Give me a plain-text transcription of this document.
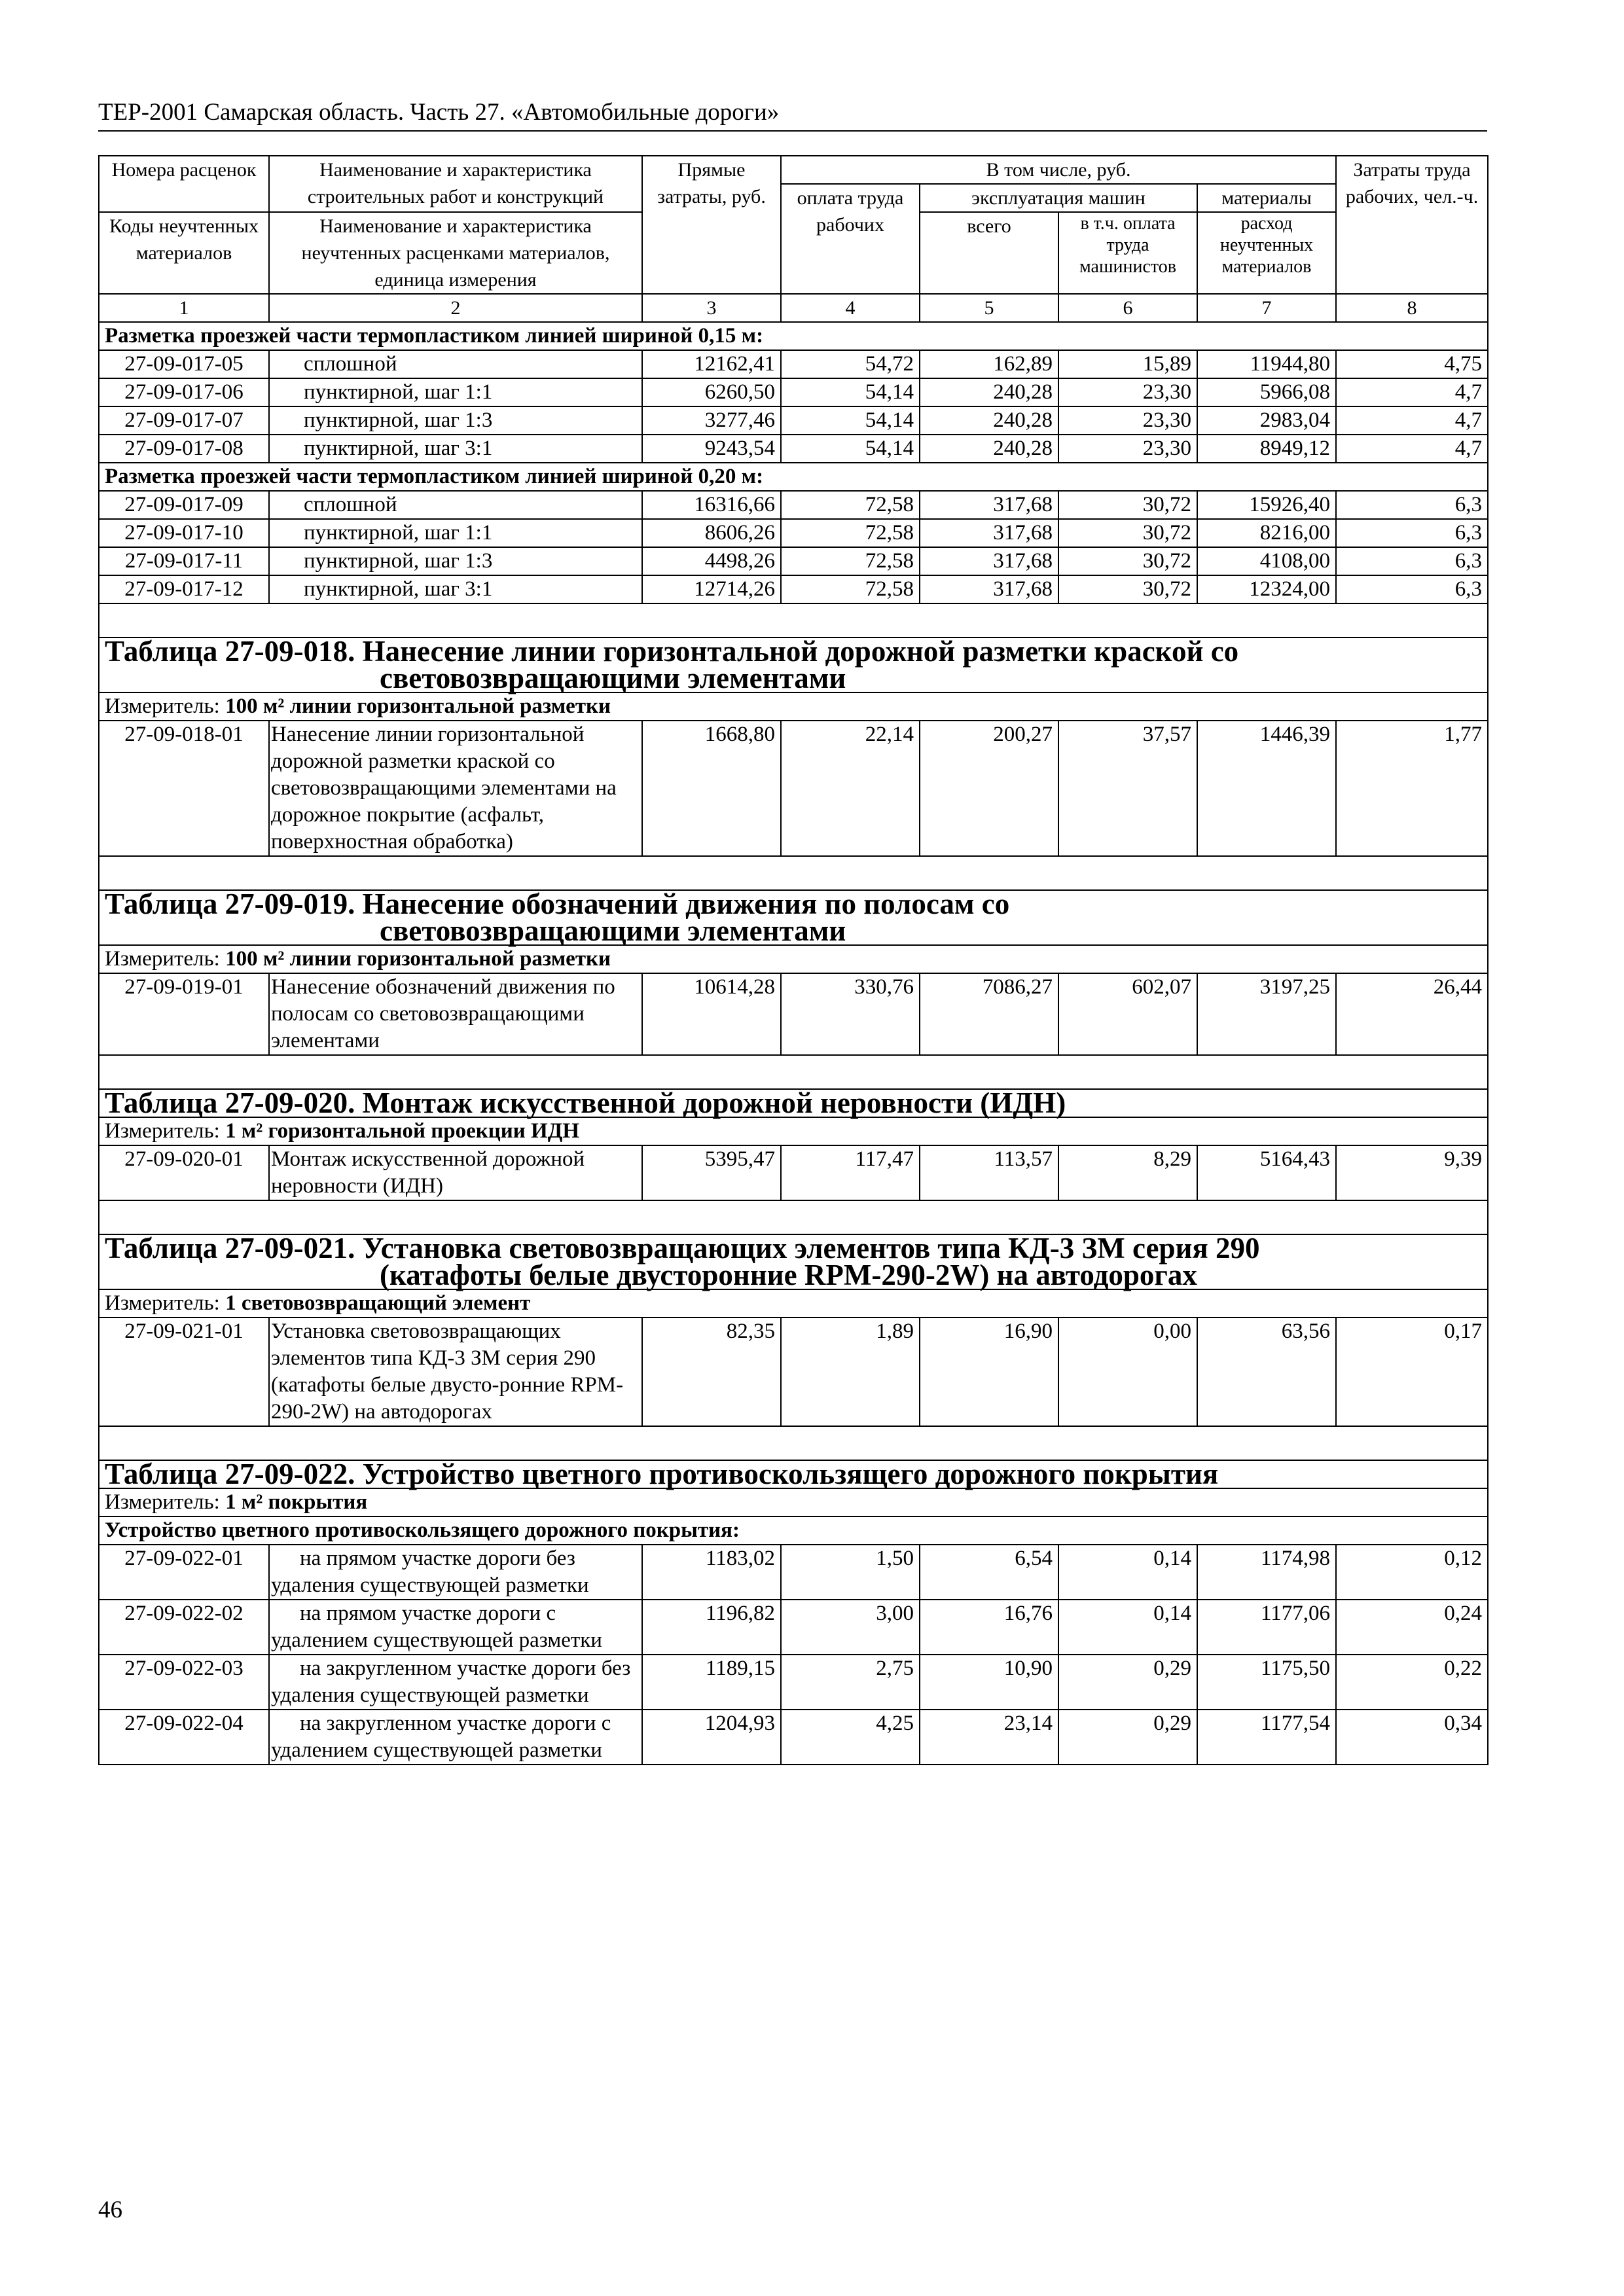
ТЕР-2001 Самарская область. Часть 27. «Автомобильные дороги»
Номера расценок	Наименование и характеристика строительных работ и конструкций	Прямые затраты, руб.	В том числе, руб.				Затраты труда рабочих, чел.-ч.
			оплата труда рабочих	эксплуатация машин		материалы	
Коды неучтенных материалов	Наименование и характеристика неучтенных расценками материалов, единица измерения			всего	в т.ч. оплата труда машинистов	расход неучтенных материалов	
1	2	3	4	5	6	7	8
Разметка проезжей части термопластиком линией шириной 0,15 м:							
27-09-017-05	сплошной	12162,41	54,72	162,89	15,89	11944,80	4,75
27-09-017-06	пунктирной, шаг 1:1	6260,50	54,14	240,28	23,30	5966,08	4,7
27-09-017-07	пунктирной, шаг 1:3	3277,46	54,14	240,28	23,30	2983,04	4,7
27-09-017-08	пунктирной, шаг 3:1	9243,54	54,14	240,28	23,30	8949,12	4,7
Разметка проезжей части термопластиком линией шириной 0,20 м:							
27-09-017-09	сплошной	16316,66	72,58	317,68	30,72	15926,40	6,3
27-09-017-10	пунктирной, шаг 1:1	8606,26	72,58	317,68	30,72	8216,00	6,3
27-09-017-11	пунктирной, шаг 1:3	4498,26	72,58	317,68	30,72	4108,00	6,3
27-09-017-12	пунктирной, шаг 3:1	12714,26	72,58	317,68	30,72	12324,00	6,3

Таблица 27-09-018. Нанесение линии горизонтальной дорожной разметки краской со
световозвращающими элементами							

Измеритель: 100 м² линии горизонтальной разметки							
27-09-018-01	Нанесение линии горизонтальной дорожной разметки краской со световозвращающими элементами на дорожное покрытие (асфальт, поверхностная обработка)	1668,80	22,14	200,27	37,57	1446,39	1,77

Таблица 27-09-019. Нанесение обозначений движения по полосам со
световозвращающими элементами							

Измеритель: 100 м² линии горизонтальной разметки							
27-09-019-01	Нанесение обозначений движения по полосам со световозвращающими элементами	10614,28	330,76	7086,27	602,07	3197,25	26,44

Таблица 27-09-020. Монтаж искусственной дорожной неровности (ИДН)							
Измеритель: 1 м² горизонтальной проекции ИДН							
27-09-020-01	Монтаж искусственной дорожной неровности (ИДН)	5395,47	117,47	113,57	8,29	5164,43	9,39

Таблица 27-09-021. Установка световозвращающих элементов типа КД-3 ЗМ серия 290
(катафоты белые двусторонние RPM-290-2W) на автодорогах							

Измеритель: 1 световозвращающий элемент							
27-09-021-01	Установка световозвращающих элементов типа КД-3 ЗМ серия 290 (катафоты белые двусто-ронние RPM-290-2W) на автодорогах	82,35	1,89	16,90	0,00	63,56	0,17

Таблица 27-09-022. Устройство цветного противоскользящего дорожного покрытия							
Измеритель: 1 м² покрытия							
Устройство цветного противоскользящего дорожного покрытия:							
27-09-022-01	на прямом участке дороги без удаления существующей разметки	1183,02	1,50	6,54	0,14	1174,98	0,12
27-09-022-02	на прямом участке дороги с удалением существующей разметки	1196,82	3,00	16,76	0,14	1177,06	0,24
27-09-022-03	на закругленном участке дороги без удаления существующей разметки	1189,15	2,75	10,90	0,29	1175,50	0,22
27-09-022-04	на закругленном участке дороги с удалением существующей разметки	1204,93	4,25	23,14	0,29	1177,54	0,34
46
